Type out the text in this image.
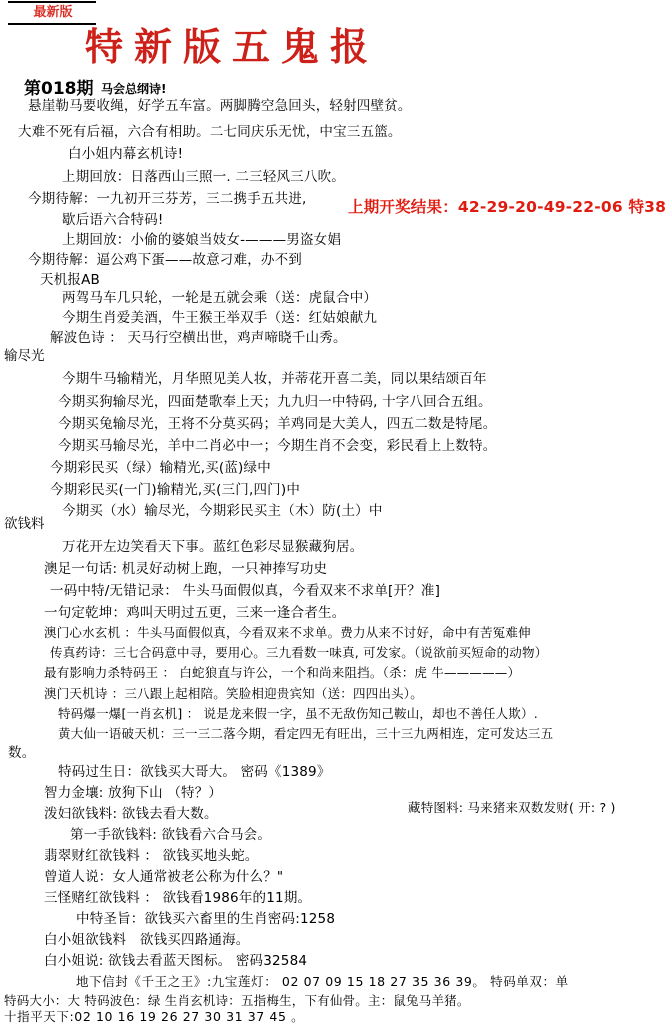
最新版
特新版五鬼报
第018期 马会总纲诗!
悬崖勒马要收绳，好学五车富。两脚腾空急回头，轻射四壁贫。
大难不死有后福，六合有相助。二七同庆乐无忧，中宝三五篮。
白小姐内幕玄机诗!
上期回放：日落西山三照一. 二三轻风三八吹。
今期待解：一九初开三芬芳，三二携手五共进,
歇后语六合特码!
上期回放：小偷的婆娘当妓女-———男盗女娼
今期待解：逼公鸡下蛋——故意刁难，办不到
天机报AB
两驾马车几只轮，一轮是五就会乘（送：虎鼠合中）
今期生肖爱美酒，牛王猴王举双手（送：红姑娘献九
解波色诗 ： 天马行空横出世，鸡声啼晓千山秀。
上期开奖结果：42-29-20-49-22-06 特38
输尽光
今期牛马输精光，月华照见美人妆，并蒂花开喜二美，同以果结颂百年
今期买狗输尽光，四面楚歌奉上天；九九归一中特码, 十字八回合五组。
今期买兔输尽光，王将不分莫买码；羊鸡同是大美人，四五二数是特尾。
今期买马输尽光，羊中二肖必中一；今期生肖不会变，彩民看上上数特。
今期彩民买（绿）输精光,买(蓝)绿中
今期彩民买(一门)输精光,买(三门,四门)中
今期买（水）输尽光，今期彩民买主（木）防(土）中
欲钱料
万花开左边笑看天下事。蓝红色彩尽显猴藏狗居。
澳足一句话: 机灵好动树上跑，一只神捧写功史
一码中特/无错记录： 牛头马面假似真，今看双来不求单[开？准]
一句定乾坤：鸡叫天明过五更，三来一逢合者生。
澳门心水玄机 ：牛头马面假似真，今看双来不求单。费力从来不讨好，命中有苦冤难伸
传真药诗：三七合码意中寻，要用心。三九看数一味真, 可发家。（说欲前买短命的动物）
最有影响力杀特码王 ： 白蛇狼直与许公，一个和尚来阻挡。（杀：虎 牛—————）
澳门天机诗 ：三八跟上起相陪。笑脸相迎贵宾知（送：四四出头）。
特码爆一爆[一肖玄机] ： 说是龙来假一字，虽不无敌伤知己鞍山，却也不善任人欺）.
黄大仙一语破天机：三一三二落今期，看定四无有旺出，三十三九两相连，定可发达三五
数。
特码过生日：欲钱买大哥大。 密码《1389》
智力金壤: 放狗下山 （特？）
泼妇欲钱料: 欲钱去看大数。
第一手欲钱料: 欲钱看六合马会。
翡翠财红欲钱料 ： 欲钱买地头蛇。
曾道人说：女人通常被老公称为什么？"
三怪赌红欲钱料 ： 欲钱看1986年的11期。
中特圣旨：欲钱买六畜里的生肖密码:1258
白小姐欲钱料　欲钱买四路通海。
白小姐说: 欲钱去看蓝天图标。 密码32584
地下信封《千王之王》:九宝莲灯： 02 07 09 15 18 27 35 36 39。 特码单双：单
特码大小：大 特码波色：绿 生肖玄机诗：五指梅生，下有仙骨。主：鼠兔马羊猪。
十指平天下:02 10 16 19 26 27 30 31 37 45 。
藏特图料: 马来猪来双数发财( 开: ? )
